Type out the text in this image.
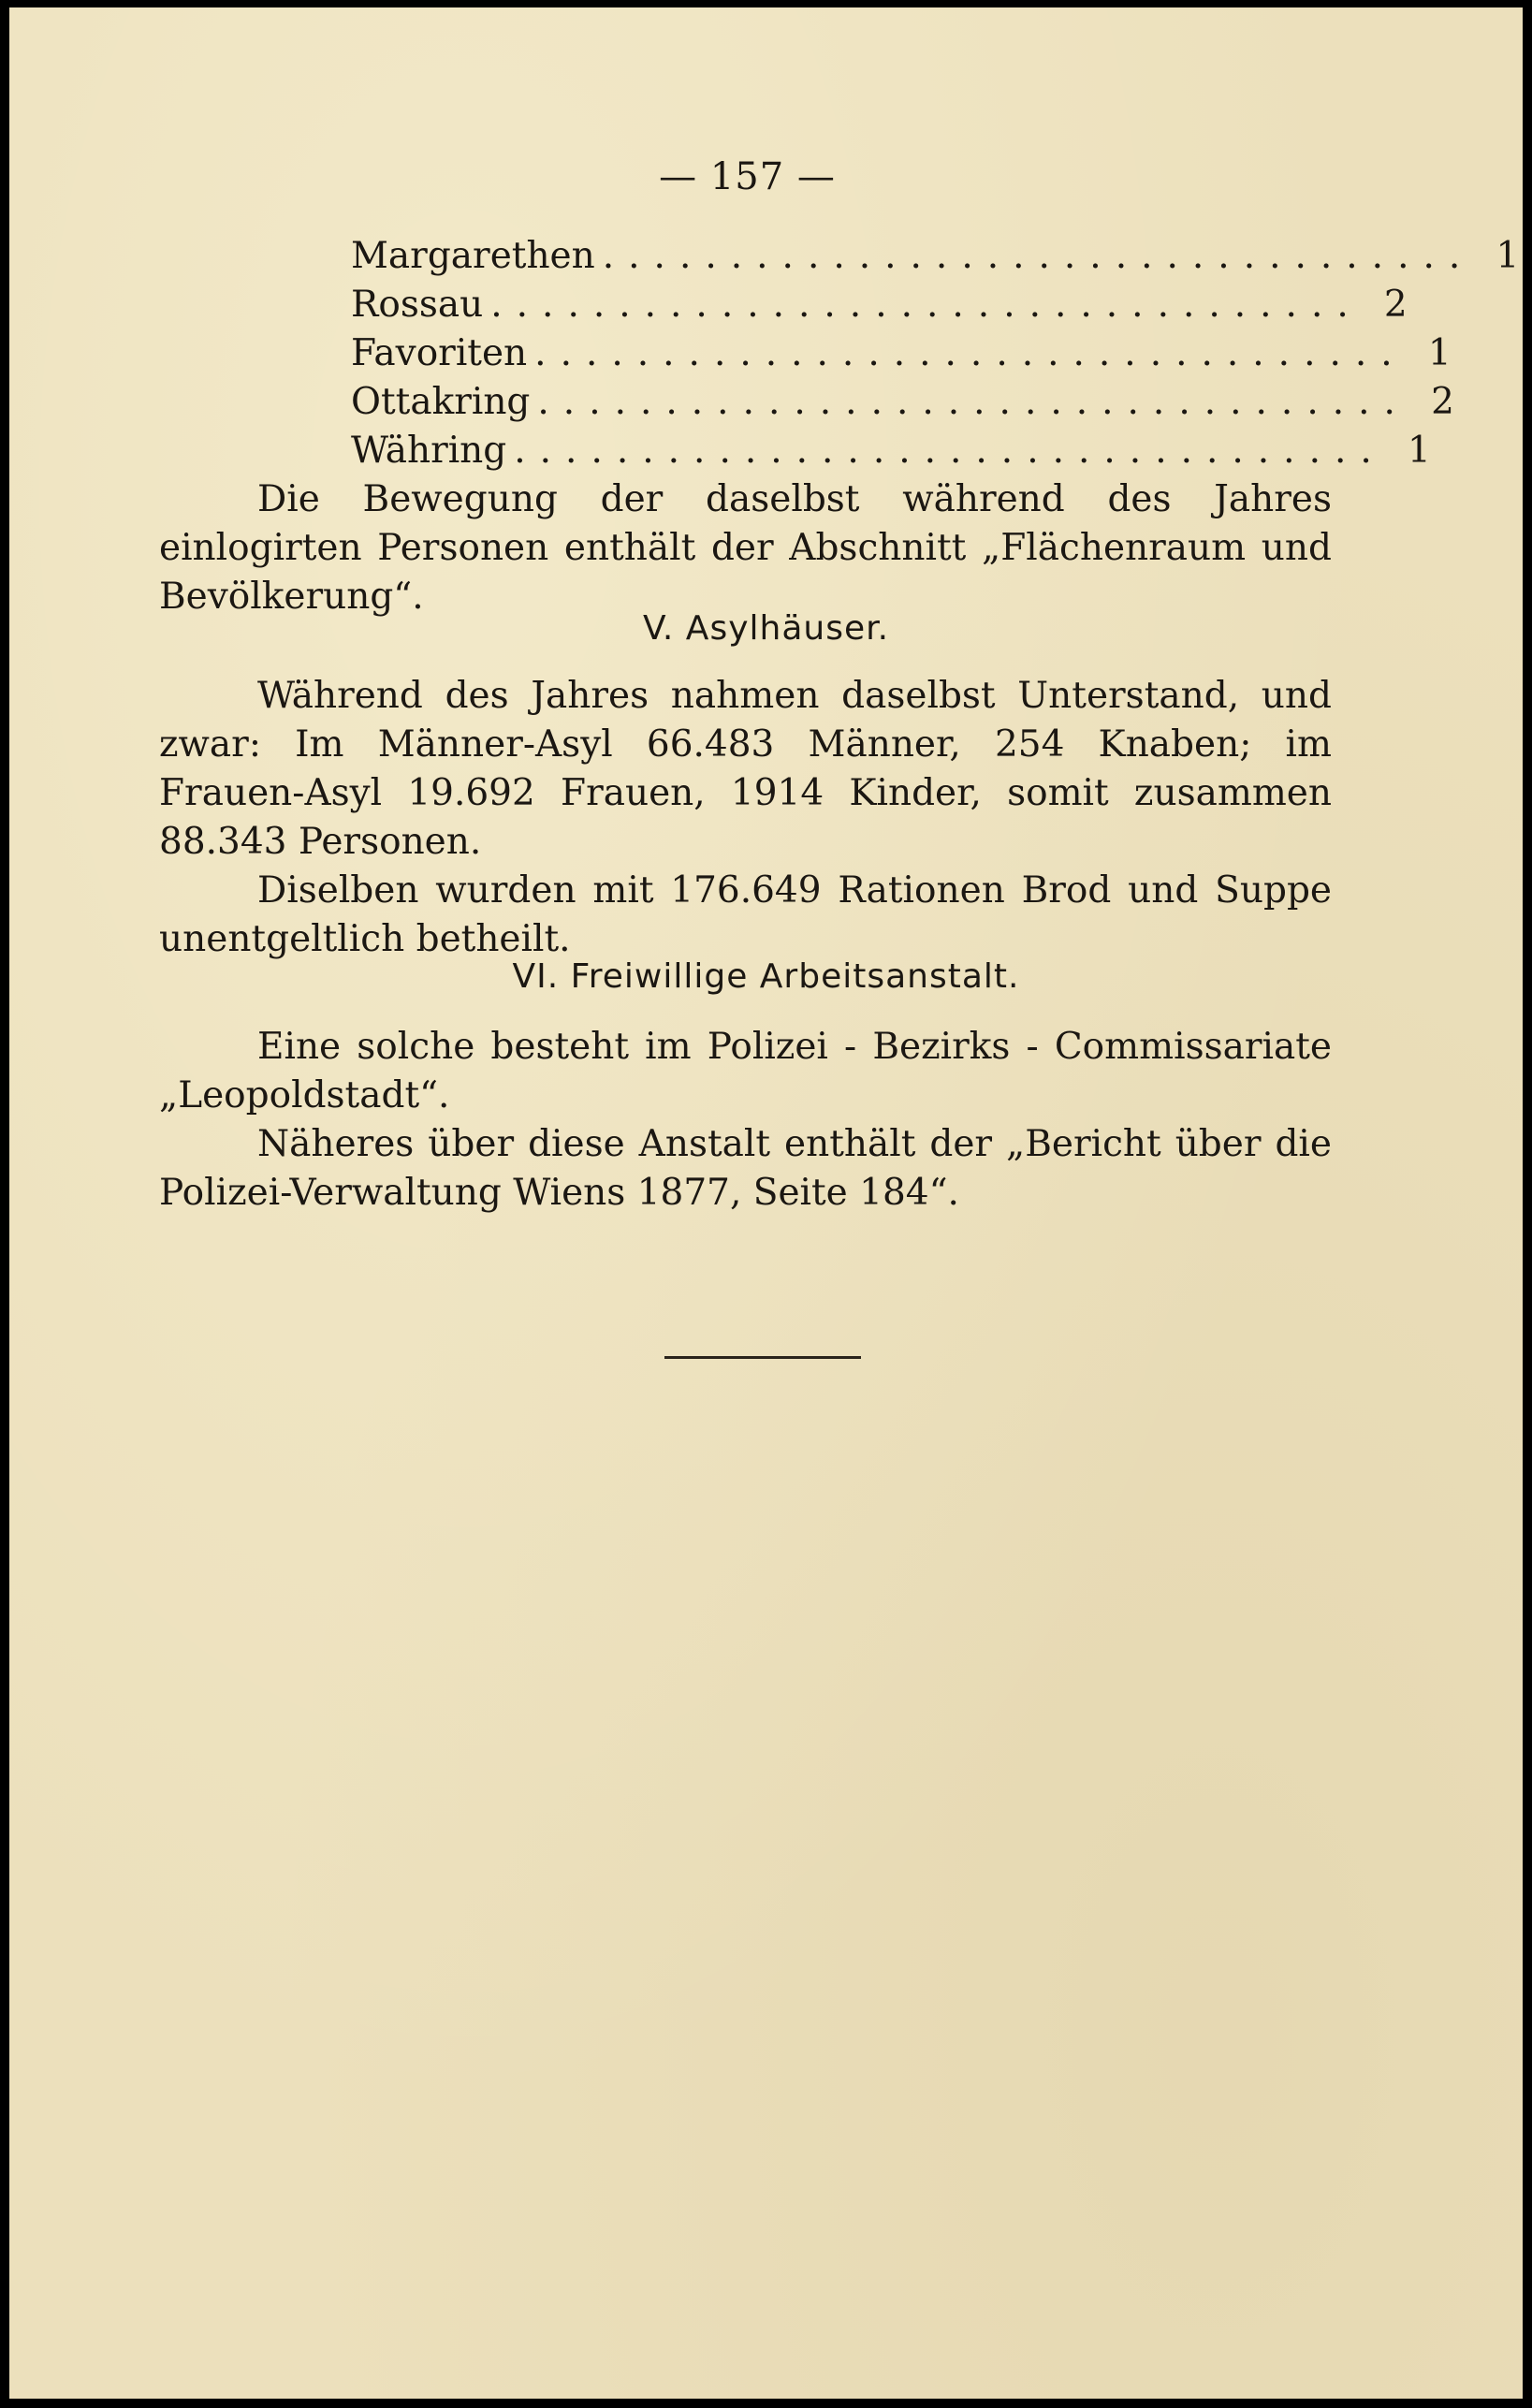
— 157 —
Margarethen .................................. 1
Rossau .................................. 2
Favoriten .................................. 1
Ottakring .................................. 2
Währing .................................. 1

Die Bewegung der daselbst während des Jahres einlogirten Personen enthält der Abschnitt „Flächenraum und Bevölkerung“.

V. Asylhäuser.

Während des Jahres nahmen daselbst Unterstand, und zwar: Im Männer-Asyl 66.483 Männer, 254 Knaben; im Frauen-Asyl 19.692 Frauen, 1914 Kinder, somit zusammen 88.343 Personen.

Diselben wurden mit 176.649 Rationen Brod und Suppe unentgeltlich betheilt.

VI. Freiwillige Arbeitsanstalt.

Eine solche besteht im Polizei - Bezirks - Commissariate „Leopoldstadt“.

Näheres über diese Anstalt enthält der „Bericht über die Polizei-Verwaltung Wiens 1877, Seite 184“.
